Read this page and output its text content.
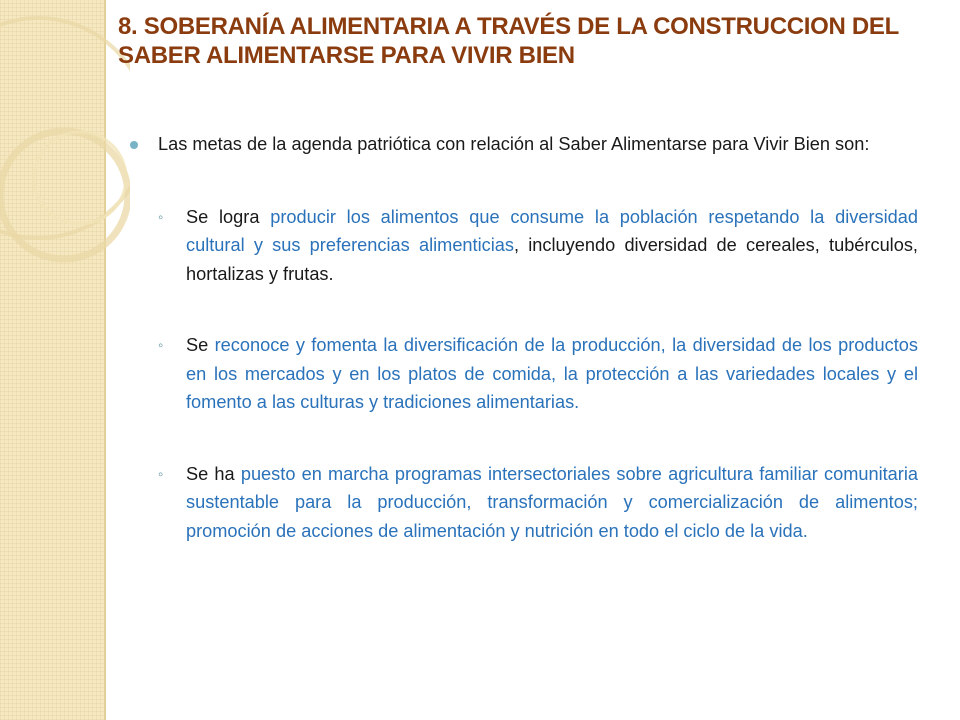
8. SOBERANÍA ALIMENTARIA A TRAVÉS DE LA CONSTRUCCION DEL SABER ALIMENTARSE PARA VIVIR BIEN

Las metas de la agenda patriótica con relación al Saber Alimentarse para Vivir Bien son:

◦ Se logra producir los alimentos que consume la población respetando la diversidad cultural y sus preferencias alimenticias, incluyendo diversidad de cereales, tubérculos, hortalizas y frutas.

◦ Se reconoce y fomenta la diversificación de la producción, la diversidad de los productos en los mercados y en los platos de comida, la protección a las variedades locales y el fomento a las culturas y tradiciones alimentarias.

◦ Se ha puesto en marcha programas intersectoriales sobre agricultura familiar comunitaria sustentable para la producción, transformación y comercialización de alimentos; promoción de acciones de alimentación y nutrición en todo el ciclo de la vida.
